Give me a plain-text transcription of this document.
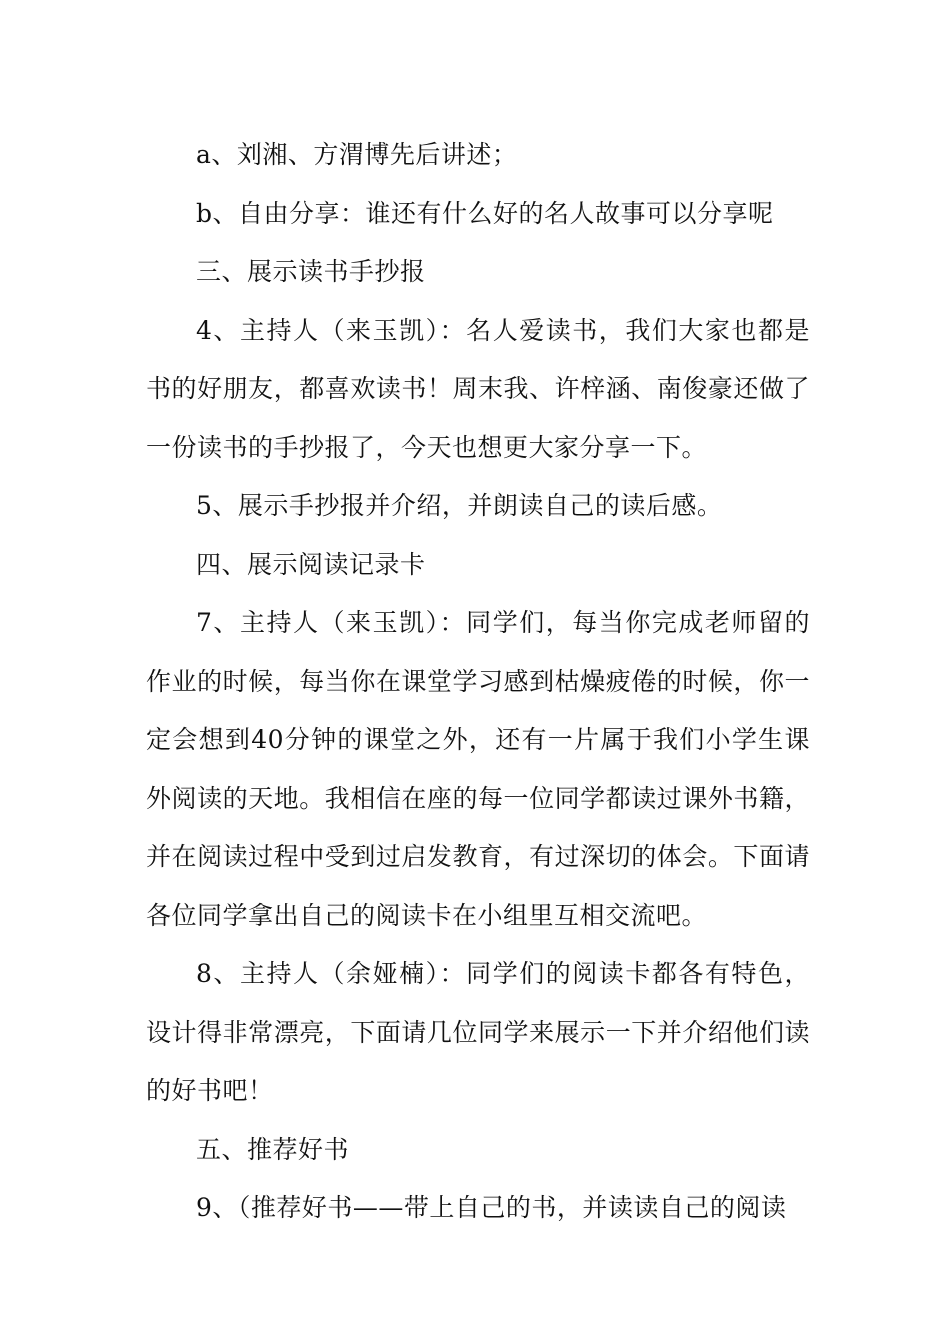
a、刘湘、方渭博先后讲述；

b、自由分享：谁还有什么好的名人故事可以分享呢

三、展示读书手抄报

4、主持人（来玉凯）：名人爱读书，我们大家也都是书的好朋友，都喜欢读书！周末我、许梓涵、南俊豪还做了一份读书的手抄报了，今天也想更大家分享一下。

5、展示手抄报并介绍，并朗读自己的读后感。

四、展示阅读记录卡

7、主持人（来玉凯）：同学们，每当你完成老师留的作业的时候，每当你在课堂学习感到枯燥疲倦的时候，你一定会想到40分钟的课堂之外，还有一片属于我们小学生课外阅读的天地。我相信在座的每一位同学都读过课外书籍，并在阅读过程中受到过启发教育，有过深切的体会。下面请各位同学拿出自己的阅读卡在小组里互相交流吧。

8、主持人（余娅楠）：同学们的阅读卡都各有特色，设计得非常漂亮，下面请几位同学来展示一下并介绍他们读的好书吧！

五、推荐好书

9、（推荐好书——带上自己的书，并读读自己的阅读
